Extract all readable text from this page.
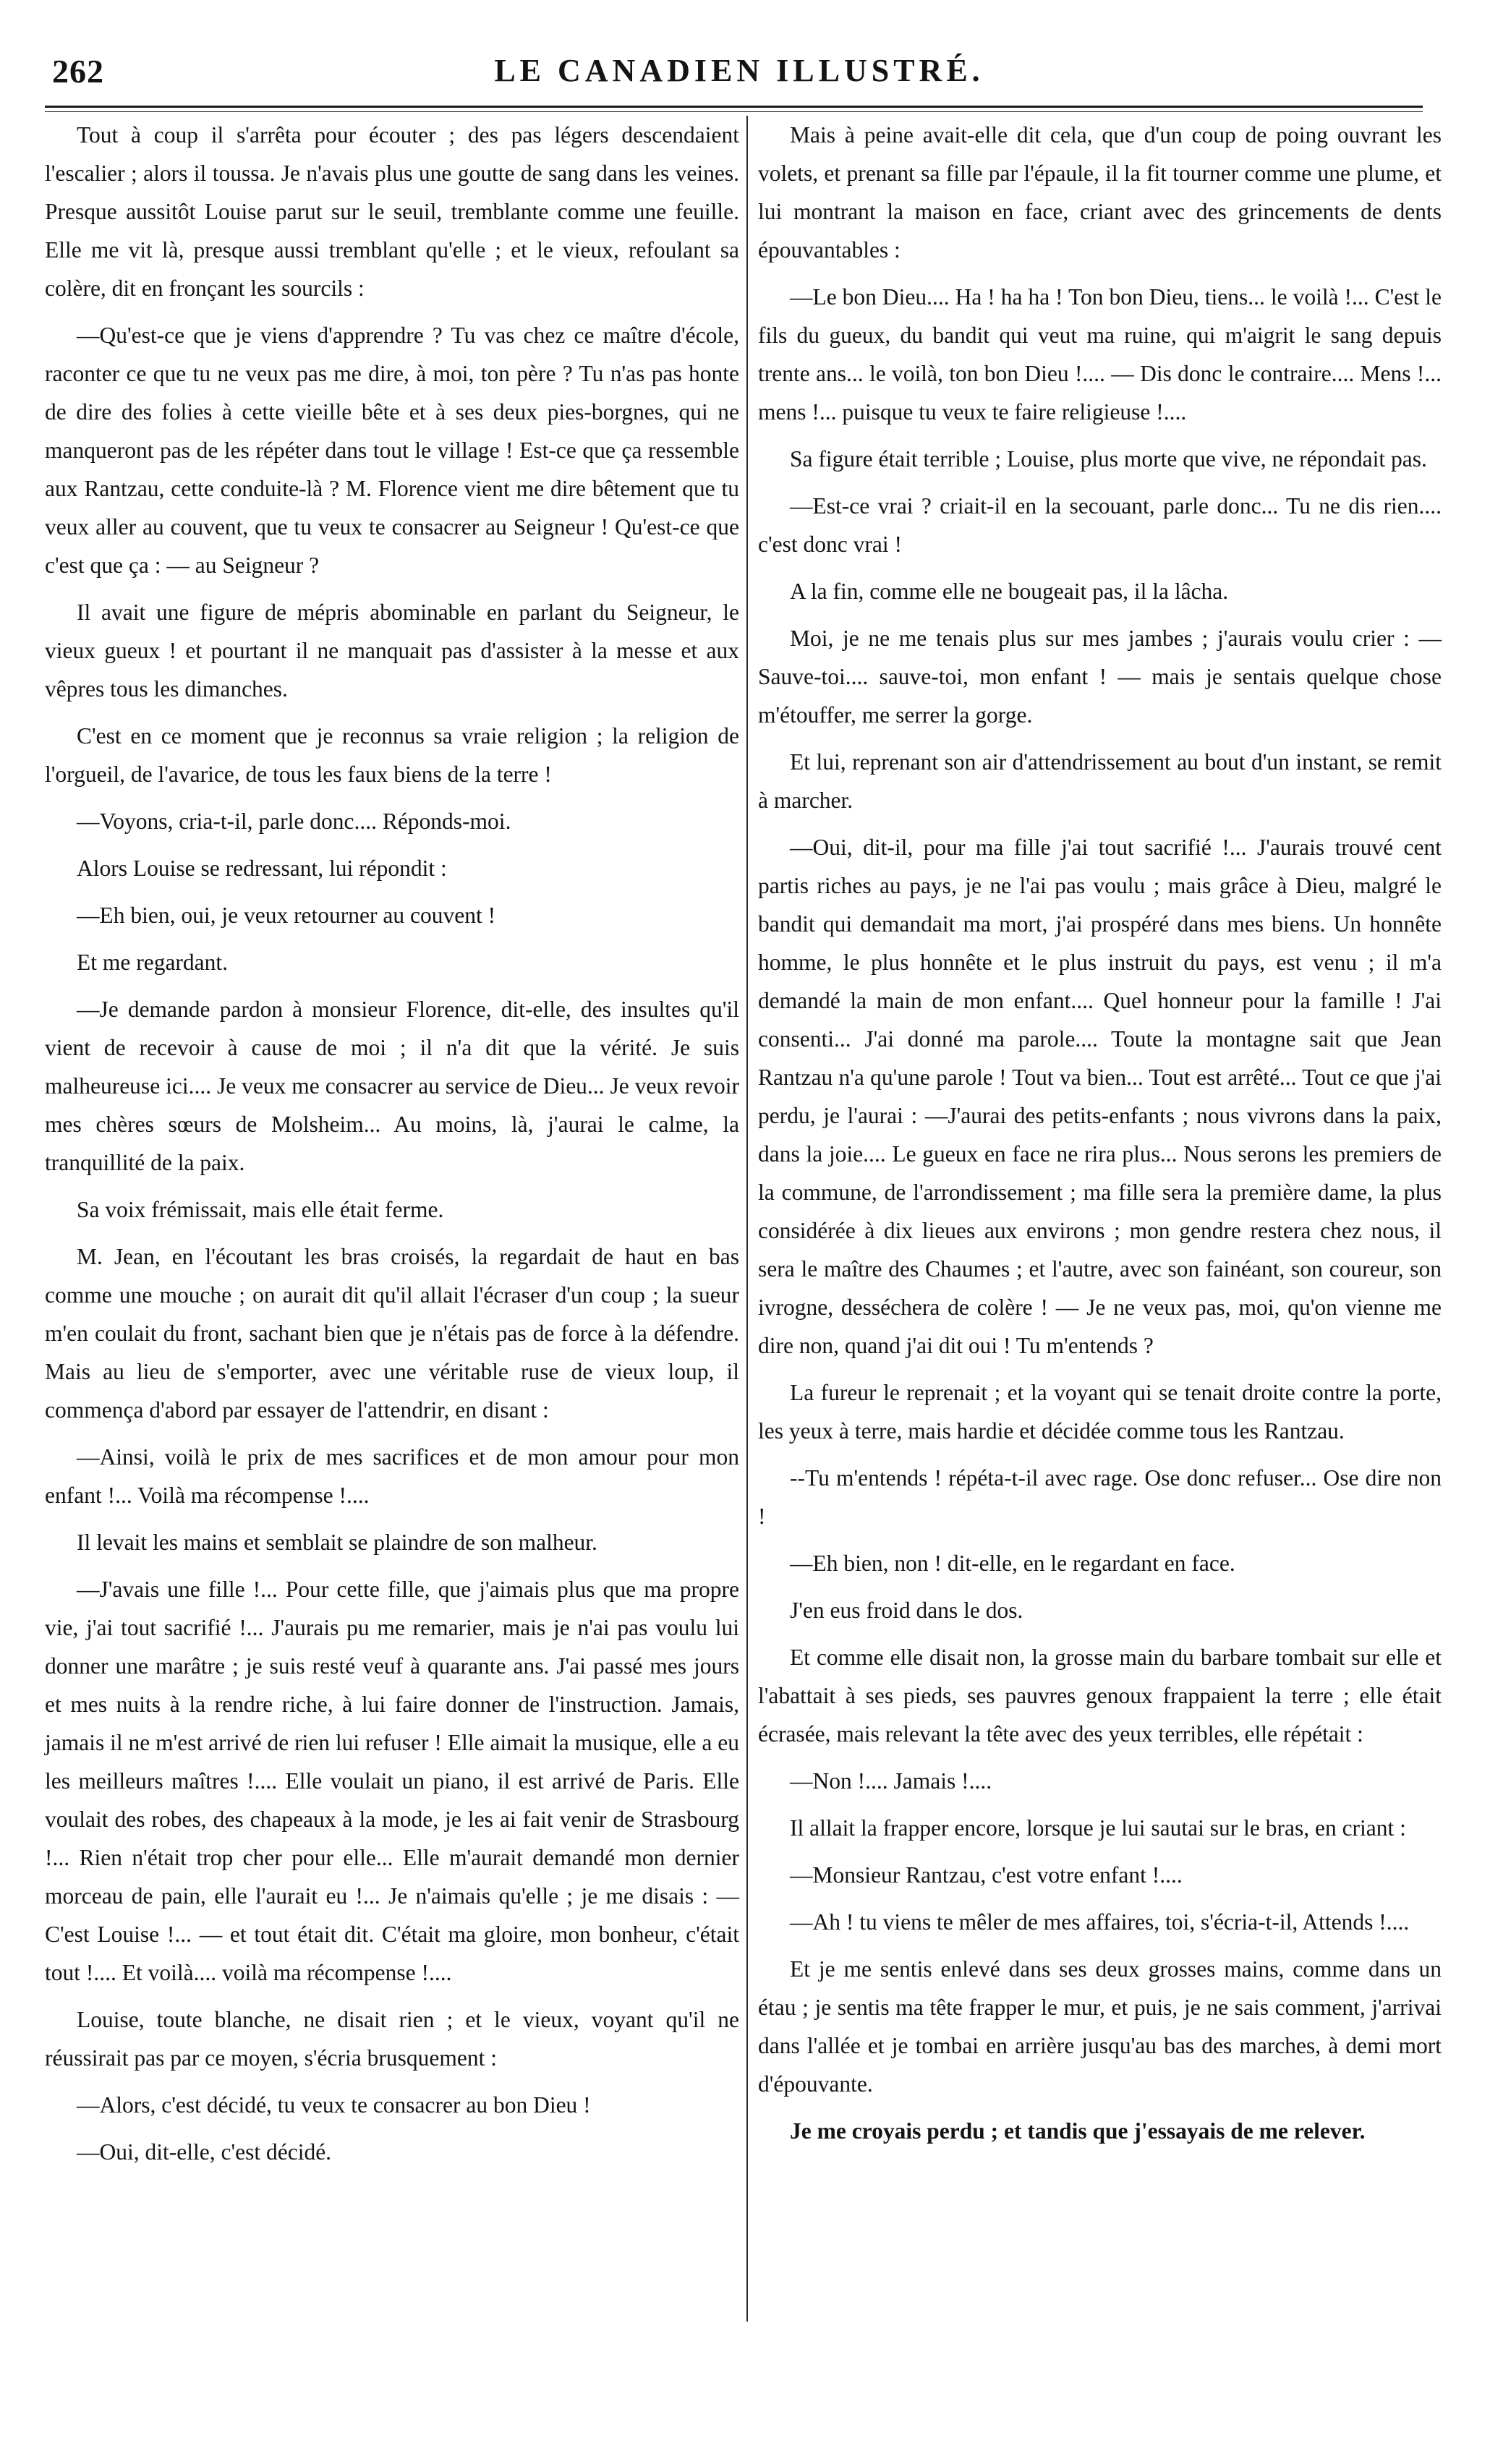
262	LE CANADIEN ILLUSTRÉ.

Tout à coup il s'arrêta pour écouter ; des pas légers descendaient l'escalier ; alors il toussa. Je n'avais plus une goutte de sang dans les veines. Presque aussitôt Louise parut sur le seuil, tremblante comme une feuille. Elle me vit là, presque aussi tremblant qu'elle ; et le vieux, refoulant sa colère, dit en fronçant les sourcils :

—Qu'est-ce que je viens d'apprendre ? Tu vas chez ce maître d'école, raconter ce que tu ne veux pas me dire, à moi, ton père ? Tu n'as pas honte de dire des folies à cette vieille bête et à ses deux pies-borgnes, qui ne manqueront pas de les répéter dans tout le village ! Est-ce que ça ressemble aux Rantzau, cette conduite-là ? M. Florence vient me dire bêtement que tu veux aller au couvent, que tu veux te consacrer au Seigneur ! Qu'est-ce que c'est que ça : — au Seigneur ?

Il avait une figure de mépris abominable en parlant du Seigneur, le vieux gueux ! et pourtant il ne manquait pas d'assister à la messe et aux vêpres tous les dimanches.

C'est en ce moment que je reconnus sa vraie religion ; la religion de l'orgueil, de l'avarice, de tous les faux biens de la terre !

—Voyons, cria-t-il, parle donc.... Réponds-moi.

Alors Louise se redressant, lui répondit :

—Eh bien, oui, je veux retourner au couvent !

Et me regardant.

—Je demande pardon à monsieur Florence, dit-elle, des insultes qu'il vient de recevoir à cause de moi ; il n'a dit que la vérité. Je suis malheureuse ici.... Je veux me consacrer au service de Dieu... Je veux revoir mes chères sœurs de Molsheim... Au moins, là, j'aurai le calme, la tranquillité de la paix.

Sa voix frémissait, mais elle était ferme.

M. Jean, en l'écoutant les bras croisés, la regardait de haut en bas comme une mouche ; on aurait dit qu'il allait l'écraser d'un coup ; la sueur m'en coulait du front, sachant bien que je n'étais pas de force à la défendre. Mais au lieu de s'emporter, avec une véritable ruse de vieux loup, il commença d'abord par essayer de l'attendrir, en disant :

—Ainsi, voilà le prix de mes sacrifices et de mon amour pour mon enfant !... Voilà ma récompense !....

Il levait les mains et semblait se plaindre de son malheur.

—J'avais une fille !... Pour cette fille, que j'aimais plus que ma propre vie, j'ai tout sacrifié !... J'aurais pu me remarier, mais je n'ai pas voulu lui donner une marâtre ; je suis resté veuf à quarante ans. J'ai passé mes jours et mes nuits à la rendre riche, à lui faire donner de l'instruction. Jamais, jamais il ne m'est arrivé de rien lui refuser ! Elle aimait la musique, elle a eu les meilleurs maîtres !.... Elle voulait un piano, il est arrivé de Paris. Elle voulait des robes, des chapeaux à la mode, je les ai fait venir de Strasbourg !... Rien n'était trop cher pour elle... Elle m'aurait demandé mon dernier morceau de pain, elle l'aurait eu !... Je n'aimais qu'elle ; je me disais : — C'est Louise !... — et tout était dit. C'était ma gloire, mon bonheur, c'était tout !.... Et voilà.... voilà ma récompense !....

Louise, toute blanche, ne disait rien ; et le vieux, voyant qu'il ne réussirait pas par ce moyen, s'écria brusquement :

—Alors, c'est décidé, tu veux te consacrer au bon Dieu !

—Oui, dit-elle, c'est décidé.

Mais à peine avait-elle dit cela, que d'un coup de poing ouvrant les volets, et prenant sa fille par l'épaule, il la fit tourner comme une plume, et lui montrant la maison en face, criant avec des grincements de dents épouvantables :

—Le bon Dieu.... Ha ! ha ha ! Ton bon Dieu, tiens... le voilà !... C'est le fils du gueux, du bandit qui veut ma ruine, qui m'aigrit le sang depuis trente ans... le voilà, ton bon Dieu !.... — Dis donc le contraire.... Mens !... mens !... puisque tu veux te faire religieuse !....

Sa figure était terrible ; Louise, plus morte que vive, ne répondait pas.

—Est-ce vrai ? criait-il en la secouant, parle donc... Tu ne dis rien.... c'est donc vrai !

A la fin, comme elle ne bougeait pas, il la lâcha.

Moi, je ne me tenais plus sur mes jambes ; j'aurais voulu crier : — Sauve-toi.... sauve-toi, mon enfant ! — mais je sentais quelque chose m'étouffer, me serrer la gorge.

Et lui, reprenant son air d'attendrissement au bout d'un instant, se remit à marcher.

—Oui, dit-il, pour ma fille j'ai tout sacrifié !... J'aurais trouvé cent partis riches au pays, je ne l'ai pas voulu ; mais grâce à Dieu, malgré le bandit qui demandait ma mort, j'ai prospéré dans mes biens. Un honnête homme, le plus honnête et le plus instruit du pays, est venu ; il m'a demandé la main de mon enfant.... Quel honneur pour la famille ! J'ai consenti... J'ai donné ma parole.... Toute la montagne sait que Jean Rantzau n'a qu'une parole ! Tout va bien... Tout est arrêté... Tout ce que j'ai perdu, je l'aurai : —J'aurai des petits-enfants ; nous vivrons dans la paix, dans la joie.... Le gueux en face ne rira plus... Nous serons les premiers de la commune, de l'arrondissement ; ma fille sera la première dame, la plus considérée à dix lieues aux environs ; mon gendre restera chez nous, il sera le maître des Chaumes ; et l'autre, avec son fainéant, son coureur, son ivrogne, desséchera de colère ! — Je ne veux pas, moi, qu'on vienne me dire non, quand j'ai dit oui ! Tu m'entends ?

La fureur le reprenait ; et la voyant qui se tenait droite contre la porte, les yeux à terre, mais hardie et décidée comme tous les Rantzau.

--Tu m'entends ! répéta-t-il avec rage. Ose donc refuser... Ose dire non !

—Eh bien, non ! dit-elle, en le regardant en face.

J'en eus froid dans le dos.

Et comme elle disait non, la grosse main du barbare tombait sur elle et l'abattait à ses pieds, ses pauvres genoux frappaient la terre ; elle était écrasée, mais relevant la tête avec des yeux terribles, elle répétait :

—Non !.... Jamais !....

Il allait la frapper encore, lorsque je lui sautai sur le bras, en criant :

—Monsieur Rantzau, c'est votre enfant !....

—Ah ! tu viens te mêler de mes affaires, toi, s'écria-t-il, Attends !....

Et je me sentis enlevé dans ses deux grosses mains, comme dans un étau ; je sentis ma tête frapper le mur, et puis, je ne sais comment, j'arrivai dans l'allée et je tombai en arrière jusqu'au bas des marches, à demi mort d'épouvante.

Je me croyais perdu ; et tandis que j'essayais de me relever.
